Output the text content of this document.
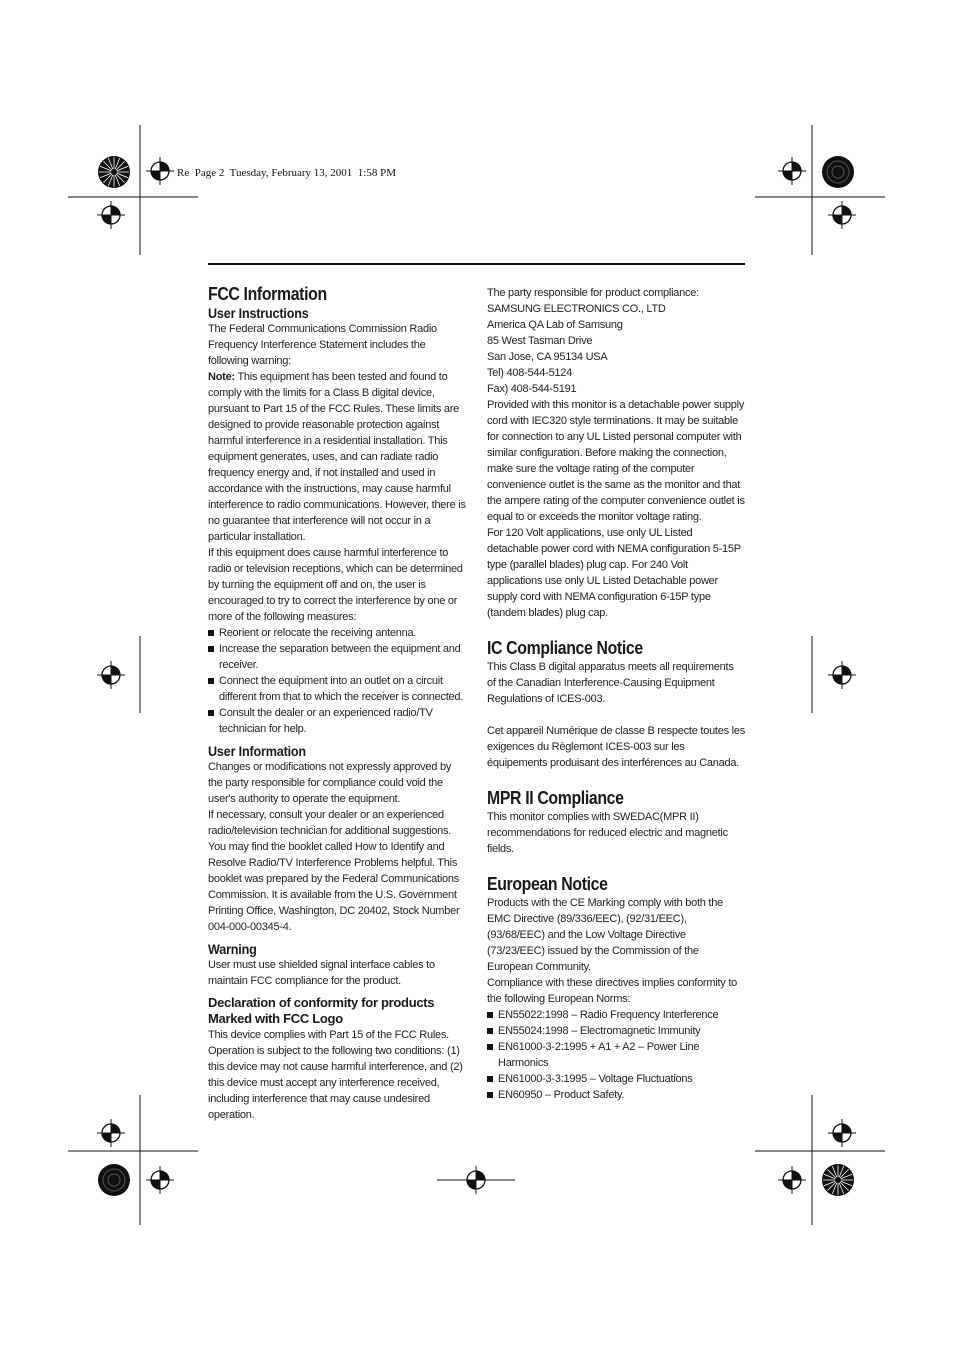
Re  Page 2  Tuesday, February 13, 2001  1:58 PM
FCC Information
User Instructions

The Federal Communications Commission Radio Frequency Interference Statement includes the following warning:

Note: This equipment has been tested and found to comply with the limits for a Class B digital device, pursuant to Part 15 of the FCC Rules. These limits are designed to provide reasonable protection against harmful interference in a residential installation. This equipment generates, uses, and can radiate radio frequency energy and, if not installed and used in accordance with the instructions, may cause harmful interference to radio communications. However, there is no guarantee that interference will not occur in a particular installation.

If this equipment does cause harmful interference to radio or television receptions, which can be determined by turning the equipment off and on, the user is encouraged to try to correct the interference by one or more of the following measures:

Reorient or relocate the receiving antenna.
Increase the separation between the equipment and receiver.
Connect the equipment into an outlet on a circuit different from that to which the receiver is connected.
Consult the dealer or an experienced radio/TV technician for help.
User Information

Changes or modifications not expressly approved by the party responsible for compliance could void the user's authority to operate the equipment.

If necessary, consult your dealer or an experienced radio/television technician for additional suggestions. You may find the booklet called How to Identify and Resolve Radio/TV Interference Problems helpful. This booklet was prepared by the Federal Communications Commission. It is available from the U.S. Government Printing Office, Washington, DC 20402, Stock Number 004-000-00345-4.

Warning

User must use shielded signal interface cables to maintain FCC compliance for the product.

Declaration of conformity for products Marked with FCC Logo

This device complies with Part 15 of the FCC Rules. Operation is subject to the following two conditions: (1) this device may not cause harmful interference, and (2) this device must accept any interference received, including interference that may cause undesired operation.

The party responsible for product compliance:

SAMSUNG ELECTRONICS CO., LTD

America QA Lab of Samsung

85 West Tasman Drive

San Jose, CA 95134 USA

Tel) 408-544-5124

Fax) 408-544-5191

Provided with this monitor is a detachable power supply cord with IEC320 style terminations. It may be suitable for connection to any UL Listed personal computer with similar configuration. Before making the connection, make sure the voltage rating of the computer convenience outlet is the same as the monitor and that the ampere rating of the computer convenience outlet is equal to or exceeds the monitor voltage rating.

For 120 Volt applications, use only UL Listed detachable power cord with NEMA configuration 5-15P type (parallel blades) plug cap. For 240 Volt applications use only UL Listed Detachable power supply cord with NEMA configuration 6-15P type (tandem blades) plug cap.

IC Compliance Notice

This Class B digital apparatus meets all requirements of the Canadian Interference-Causing Equipment Regulations of ICES-003.

Cet appareil Numérique de classe B respecte toutes les exigences du Règlemont ICES-003 sur les équipements produisant des interférences au Canada.

MPR II Compliance

This monitor complies with SWEDAC(MPR II) recommendations for reduced electric and magnetic fields.

European Notice

Products with the CE Marking comply with both the EMC Directive (89/336/EEC), (92/31/EEC), (93/68/EEC) and the Low Voltage Directive (73/23/EEC) issued by the Commission of the European Community.

Compliance with these directives implies conformity to the following European Norms:

EN55022:1998 – Radio Frequency Interference
EN55024:1998 – Electromagnetic Immunity
EN61000-3-2:1995 + A1 + A2 – Power Line Harmonics
EN61000-3-3:1995 – Voltage Fluctuations
EN60950 – Product Safety.
